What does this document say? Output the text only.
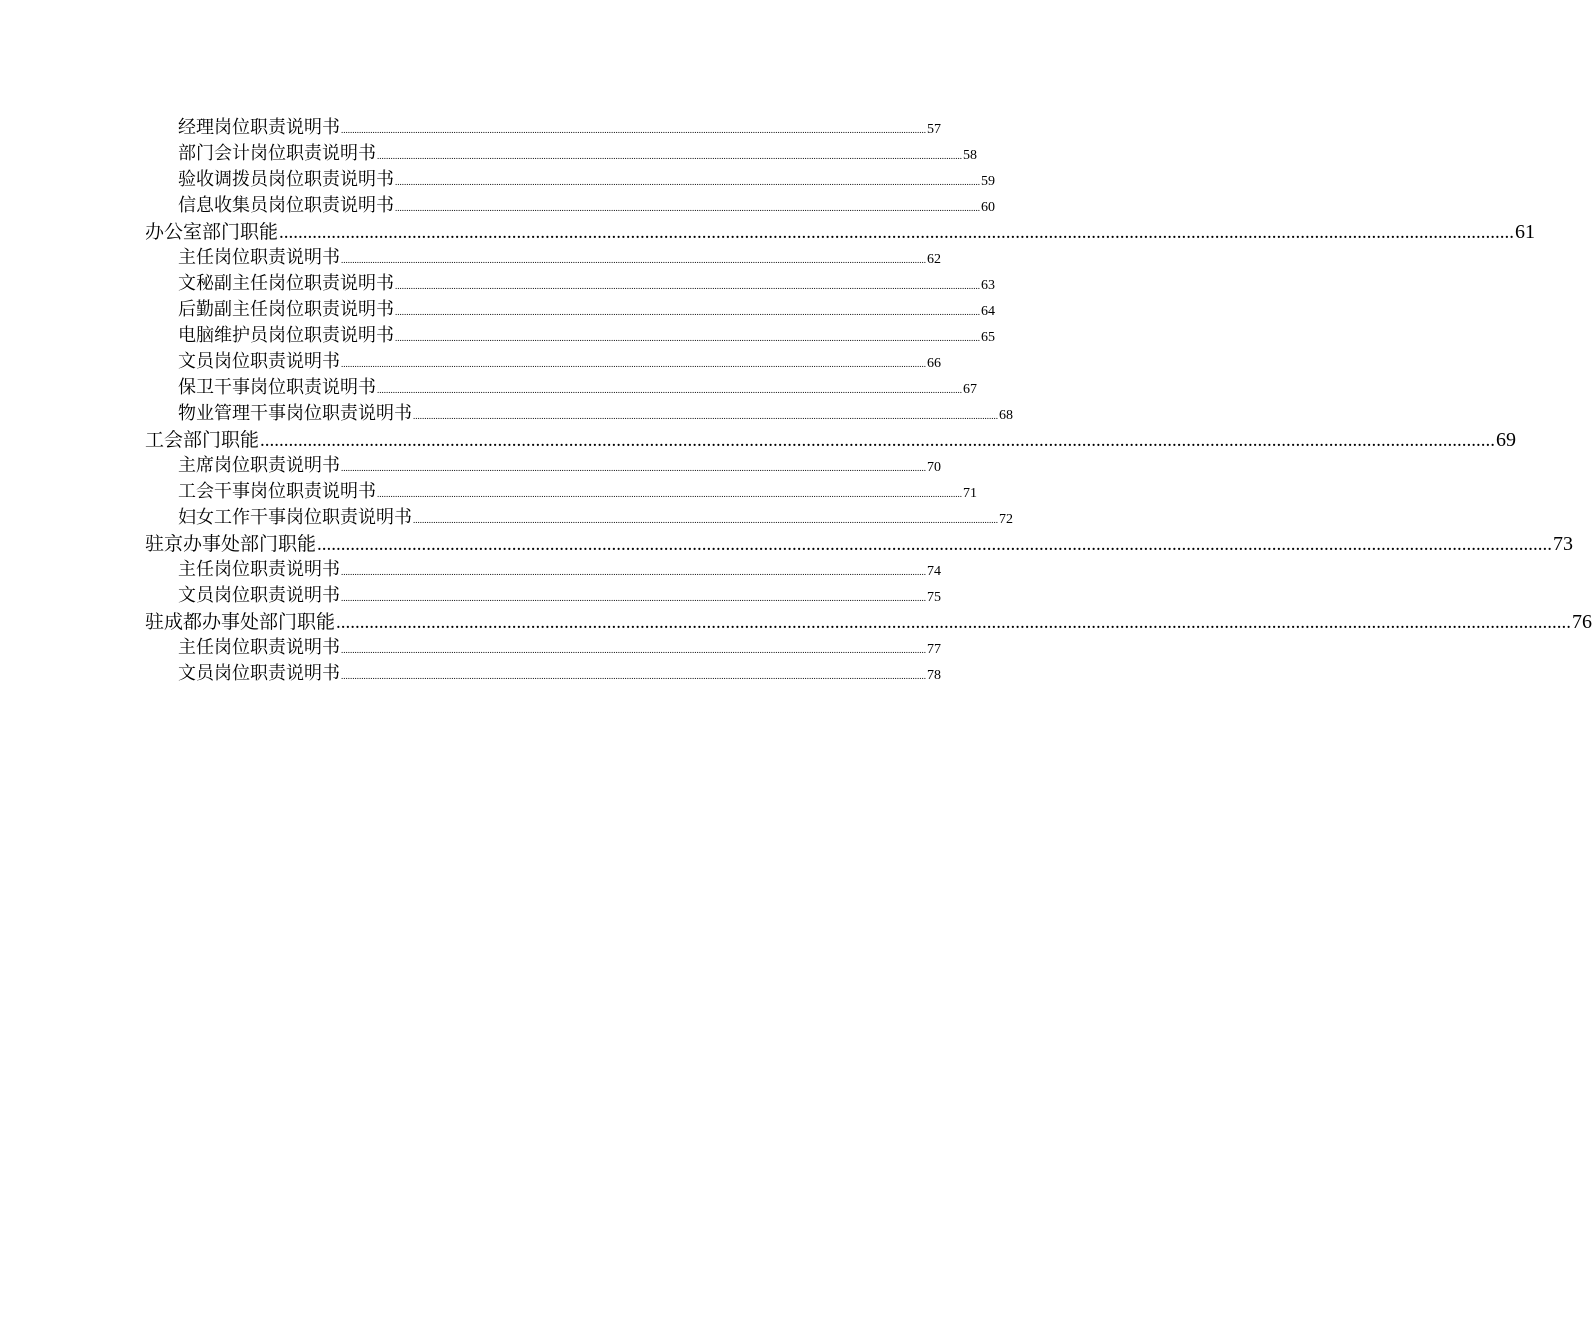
经理岗位职责说明书 .................................................................................................................................................................................................................................................................... 57
部门会计岗位职责说明书 .................................................................................................................................................................................................................................................................... 58
验收调拨员岗位职责说明书 .................................................................................................................................................................................................................................................................... 59
信息收集员岗位职责说明书 .................................................................................................................................................................................................................................................................... 60
办公室部门职能 .................................................................................................................................................................................................................................................................... 61
主任岗位职责说明书 .................................................................................................................................................................................................................................................................... 62
文秘副主任岗位职责说明书 .................................................................................................................................................................................................................................................................... 63
后勤副主任岗位职责说明书 .................................................................................................................................................................................................................................................................... 64
电脑维护员岗位职责说明书 .................................................................................................................................................................................................................................................................... 65
文员岗位职责说明书 .................................................................................................................................................................................................................................................................... 66
保卫干事岗位职责说明书 .................................................................................................................................................................................................................................................................... 67
物业管理干事岗位职责说明书 .................................................................................................................................................................................................................................................................... 68
工会部门职能 .................................................................................................................................................................................................................................................................... 69
主席岗位职责说明书 .................................................................................................................................................................................................................................................................... 70
工会干事岗位职责说明书 .................................................................................................................................................................................................................................................................... 71
妇女工作干事岗位职责说明书 .................................................................................................................................................................................................................................................................... 72
驻京办事处部门职能 .................................................................................................................................................................................................................................................................... 73
主任岗位职责说明书 .................................................................................................................................................................................................................................................................... 74
文员岗位职责说明书 .................................................................................................................................................................................................................................................................... 75
驻成都办事处部门职能 .................................................................................................................................................................................................................................................................... 76
主任岗位职责说明书 .................................................................................................................................................................................................................................................................... 77
文员岗位职责说明书 .................................................................................................................................................................................................................................................................... 78
